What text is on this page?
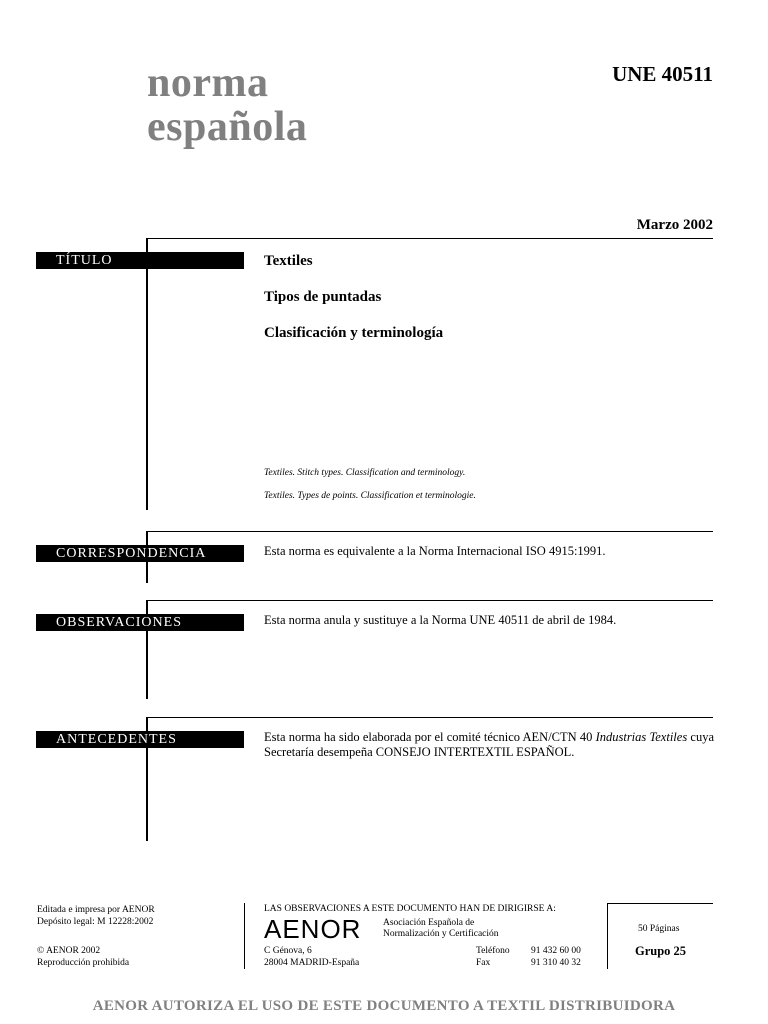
norma
española
UNE 40511
Marzo 2002
TÍTULO	Textiles
Tipos de puntadas
Clasificación y terminología
Textiles. Stitch types. Classification and terminology.
Textiles. Types de points. Classification et terminologie.
CORRESPONDENCIA	Esta norma es equivalente a la Norma Internacional ISO 4915:1991.
OBSERVACIONES	Esta norma anula y sustituye a la Norma UNE 40511 de abril de 1984.
ANTECEDENTES	Esta norma ha sido elaborada por el comité técnico AEN/CTN 40 Industrias Textiles cuya Secretaría desempeña CONSEJO INTERTEXTIL ESPAÑOL.
Editada e impresa por AENOR
Depósito legal: M 12228:2002
© AENOR 2002
Reproducción prohibida
LAS OBSERVACIONES A ESTE DOCUMENTO HAN DE DIRIGIRSE A:
AENOR Asociación Española de
Normalización y Certificación
C Génova, 6
28004 MADRID-España
Teléfono 91 432 60 00
Fax	91 310 40 32
50 Páginas
Grupo 25
AENOR AUTORIZA EL USO DE ESTE DOCUMENTO A TEXTIL DISTRIBUIDORA
